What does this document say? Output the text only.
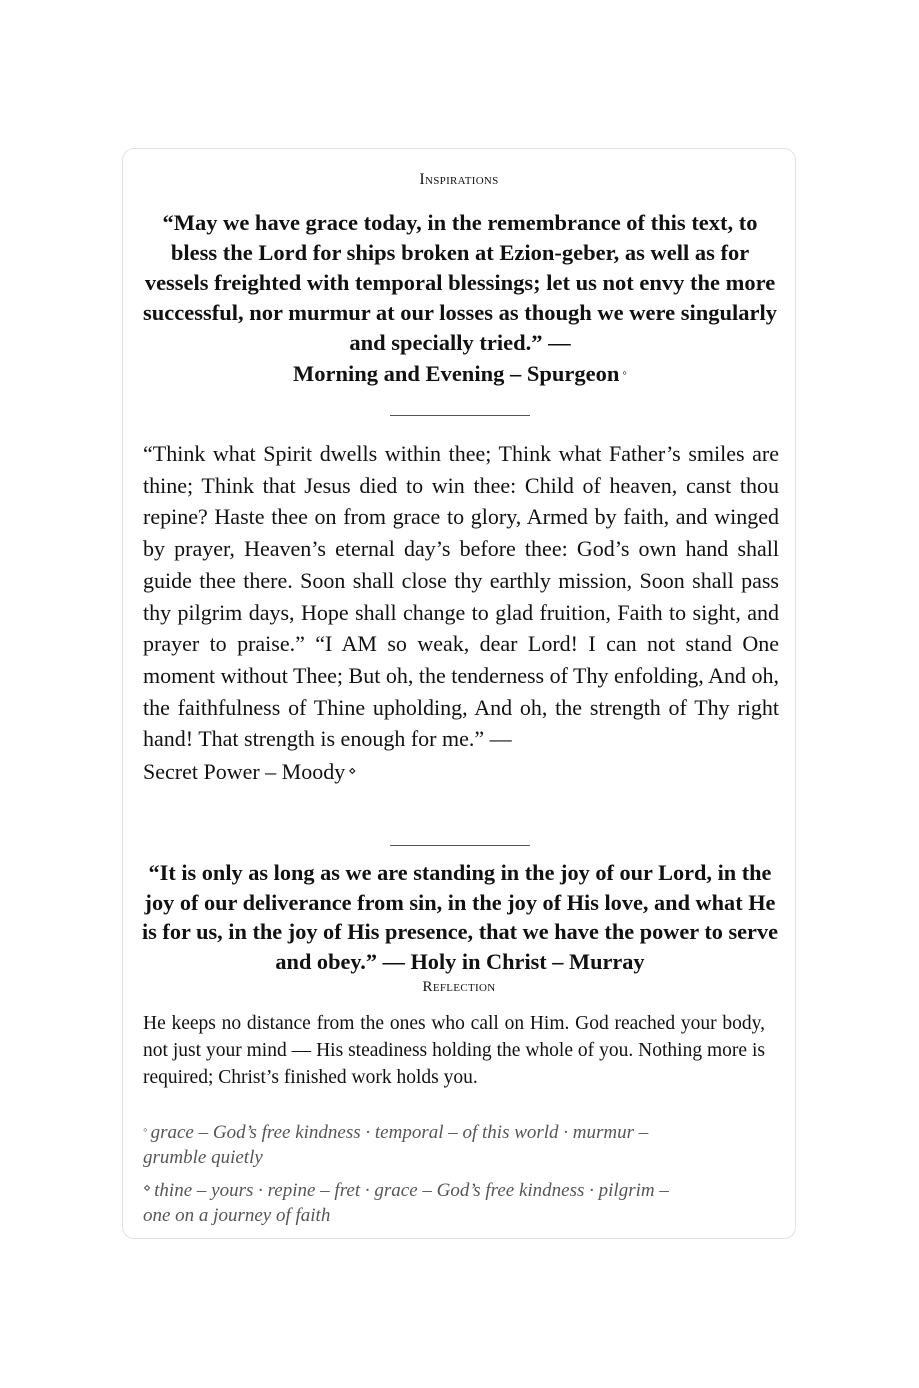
Inspirations
“May we have grace today, in the remembrance of this text, to bless the Lord for ships broken at Ezion-geber, as well as for vessels freighted with temporal blessings; let us not envy the more successful, nor murmur at our losses as though we were singularly and specially tried.” —
Morning and Evening – Spurgeon ◦
“Think what Spirit dwells within thee; Think what Father’s smiles are thine; Think that Jesus died to win thee: Child of heaven, canst thou repine? Haste thee on from grace to glory, Armed by faith, and winged by prayer, Heaven’s eternal day’s before thee: God’s own hand shall guide thee there. Soon shall close thy earthly mission, Soon shall pass thy pilgrim days, Hope shall change to glad fruition, Faith to sight, and prayer to praise.” “I AM so weak, dear Lord! I can not stand One moment without Thee; But oh, the tenderness of Thy enfolding, And oh, the faithfulness of Thine upholding, And oh, the strength of Thy right hand! That strength is enough for me.” —
Secret Power – Moody ⋄
“It is only as long as we are standing in the joy of our Lord, in the joy of our deliverance from sin, in the joy of His love, and what He is for us, in the joy of His presence, that we have the power to serve and obey.” — Holy in Christ – Murray
Reflection
He keeps no distance from the ones who call on Him. God reached your body, not just your mind — His steadiness holding the whole of you. Nothing more is required; Christ’s finished work holds you.
◦ grace – God’s free kindness · temporal – of this world · murmur – grumble quietly
⋄ thine – yours · repine – fret · grace – God’s free kindness · pilgrim – one on a journey of faith
